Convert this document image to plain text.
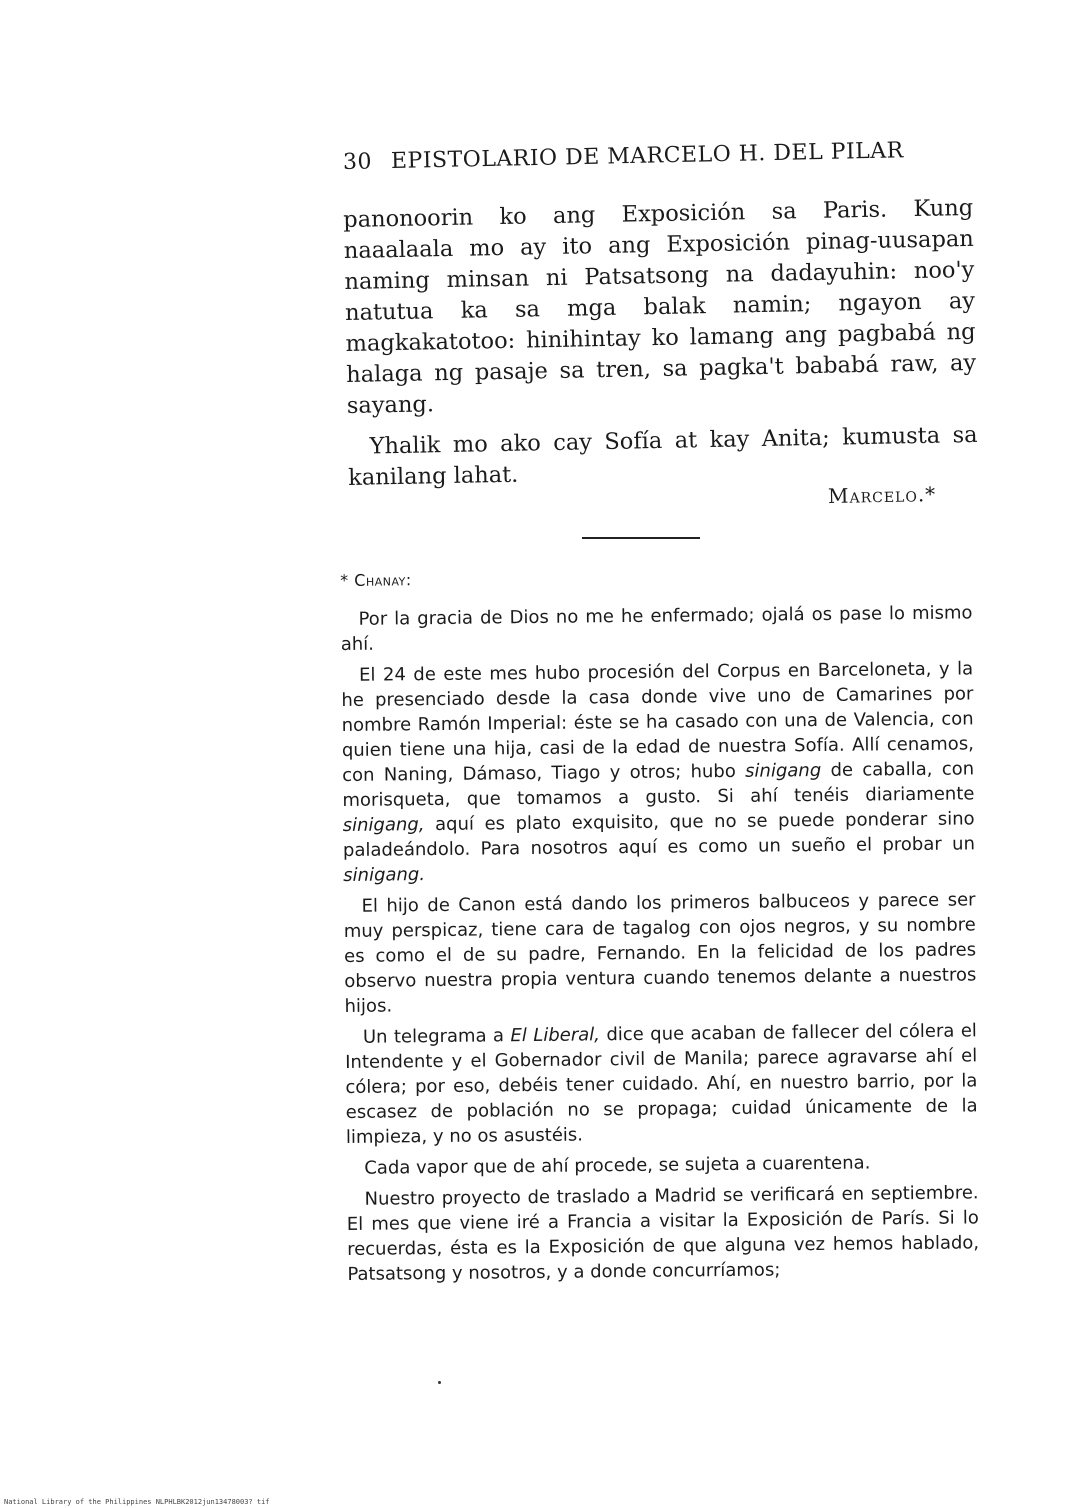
30 EPISTOLARIO DE MARCELO H. DEL PILAR

panonoorin ko ang Exposición sa Paris. Kung naaalaala mo ay ito ang Exposición pinag-uusapan naming minsan ni Patsatsong na dadayuhin: noo'y natutua ka sa mga balak namin; ngayon ay magkakatotoo: hinihintay ko lamang ang pagbabá ng halaga ng pasaje sa tren, sa pagka't bababá raw, ay sayang.

Yhalik mo ako cay Sofía at kay Anita; kumusta sa kanilang lahat.

Marcelo.*
* Chanay:

Por la gracia de Dios no me he enfermado; ojalá os pase lo mismo ahí.

El 24 de este mes hubo procesión del Corpus en Barceloneta, y la he presenciado desde la casa donde vive uno de Camarines por nombre Ramón Imperial: éste se ha casado con una de Valencia, con quien tiene una hija, casi de la edad de nuestra Sofía. Allí cenamos, con Naning, Dámaso, Tiago y otros; hubo sinigang de caballa, con morisqueta, que tomamos a gusto. Si ahí tenéis diariamente sinigang, aquí es plato exquisito, que no se puede ponderar sino paladeándolo. Para nosotros aquí es como un sueño el probar un sinigang.

El hijo de Canon está dando los primeros balbuceos y parece ser muy perspicaz, tiene cara de tagalog con ojos negros, y su nombre es como el de su padre, Fernando. En la felicidad de los padres observo nuestra propia ventura cuando tenemos delante a nuestros hijos.

Un telegrama a El Liberal, dice que acaban de fallecer del cólera el Intendente y el Gobernador civil de Manila; parece agravarse ahí el cólera; por eso, debéis tener cuidado. Ahí, en nuestro barrio, por la escasez de población no se propaga; cuidad únicamente de la limpieza, y no os asustéis.

Cada vapor que de ahí procede, se sujeta a cuarentena.

Nuestro proyecto de traslado a Madrid se verificará en septiembre. El mes que viene iré a Francia a visitar la Exposición de París. Si lo recuerdas, ésta es la Exposición de que alguna vez hemos hablado, Patsatsong y nosotros, y a donde concurríamos;

National Library of the Philippines NLPHLBK2012jun13478003? tif
